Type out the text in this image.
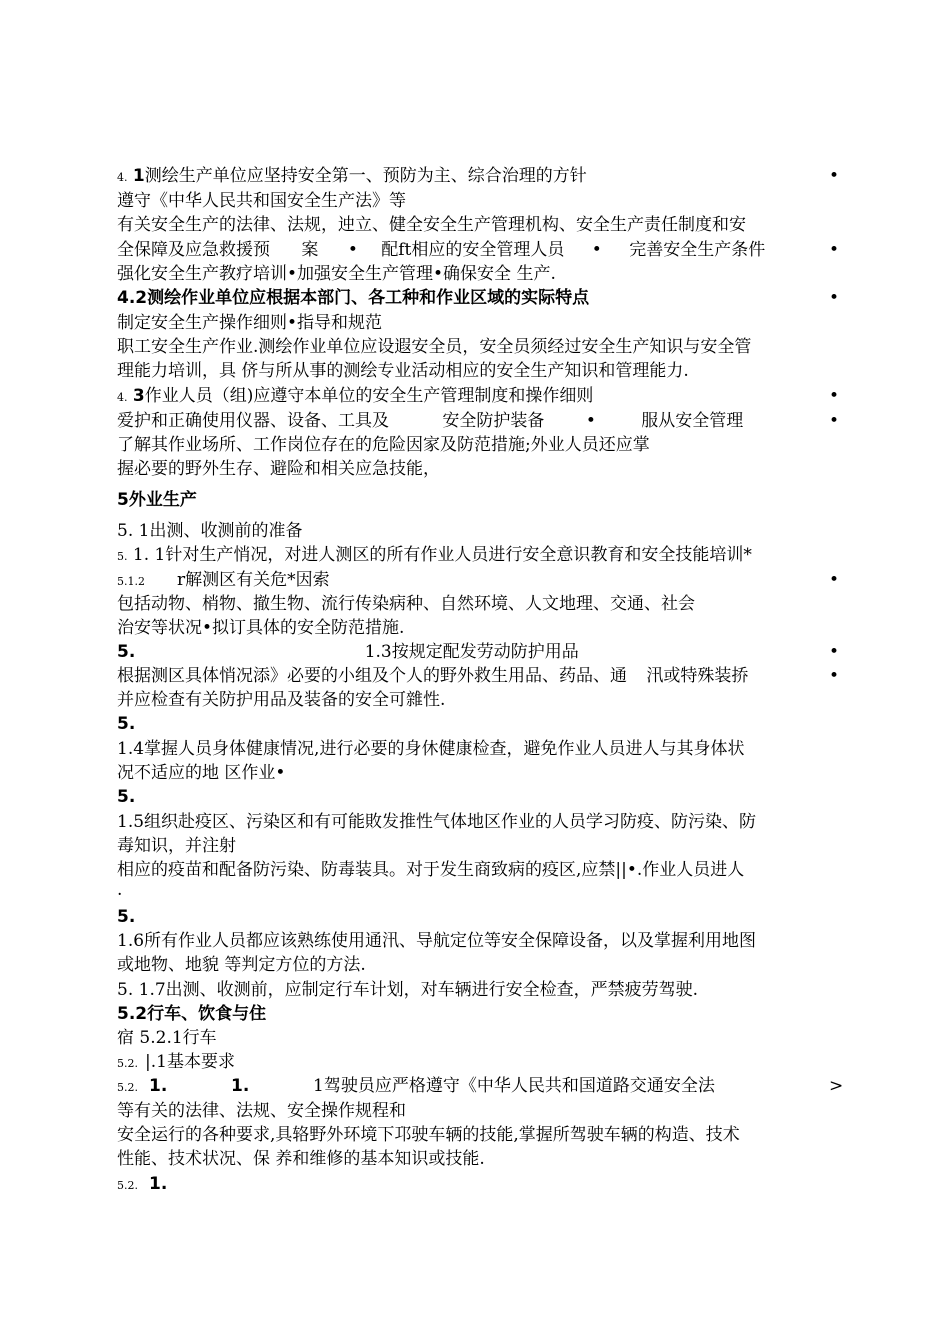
4. 1测绘生产单位应坚持安全第一、预防为主、综合治理的方针	•
遵守《中华人民共和国安全生产法》等
有关安全生产的法律、法规，迚立、健全安全生产管理机构、安全生产责任制度和安
全保障及应急救援预 案 • 配ft相应的安全管理人员 • 完善安全生产条件	•
强化安全生产教疗培训•加强安全生产管理•确保安全 生产.
4.2测绘作业单位应根据本部门、各工种和作业区域的实际特点	•
制定安全生产操作细则•指导和规范
职工安全生产作业.测绘作业单位应设遐安全员，安全员须经过安全生产知识与安全管
理能力培训，具 侪与所从事的测绘专业活动相应的安全生产知识和管理能力.
4. 3作业人员（组)应遵守本单位的安全生产管理制度和操作细则	•
爱护和正确使用仪器、设备、工具及	安全防护装备 •	服从安全管理	•
了解其作业场所、工作岗位存在的危险因家及防范措施;外业人员还应掌
握必要的野外生存、避险和相关应急技能，
5外业生产
5. 1出测、收测前的准备
5. 1. 1针对生产悄况，对进人测区的所有作业人员进行安全意识教育和安全技能培训*
5.1.2 r解测区有关危*因索	•
包括动物、梢物、撤生物、流行传染病种、自然环境、人文地理、交通、社会
治安等状况•拟订具体的安全防范措施.
5.	1.3按规定配发劳动防护用品	•
根据测区具体悄况添》必要的小组及个人的野外救生用品、药品、通 汛或特殊装挢	•
并应检查有关防护用品及装备的安全可雜性.
5.
1.4掌握人员身体健康情况,进行必要的身休健康检查，避免作业人员进人与其身体状
况不适应的地 区作业•
5.
1.5组织赴疫区、污染区和有可能敗发推性气体地区作业的人员学习防疫、防污染、防
毒知识，并注射
相应的疫苗和配备防污染、防毒装具。对于发生商致病的疫区,应禁||•.作业人员进人
.
5.
1.6所有作业人员都应该熟练使用通汛、导航定位等安全保障设备，以及掌握利用地图
或地物、地貌 等判定方位的方法.
5. 1.7出测、收测前，应制定行车计划，对车辆进行安全检查，严禁疲劳驾驶.
5.2行车、饮食与住
宿 5.2.1行车
5.2. |.1基本要求
5.2. 1.	1.	1驾驶员应严格遵守《中华人民共和国道路交通安全法	>
等有关的法律、法规、安全操作规程和
安全运行的各种要求,具辂野外环境下邛驶车辆的技能,掌握所驾驶车辆的构造、技术
性能、技术状况、保 养和维修的基本知识或技能.
5.2. 1.
